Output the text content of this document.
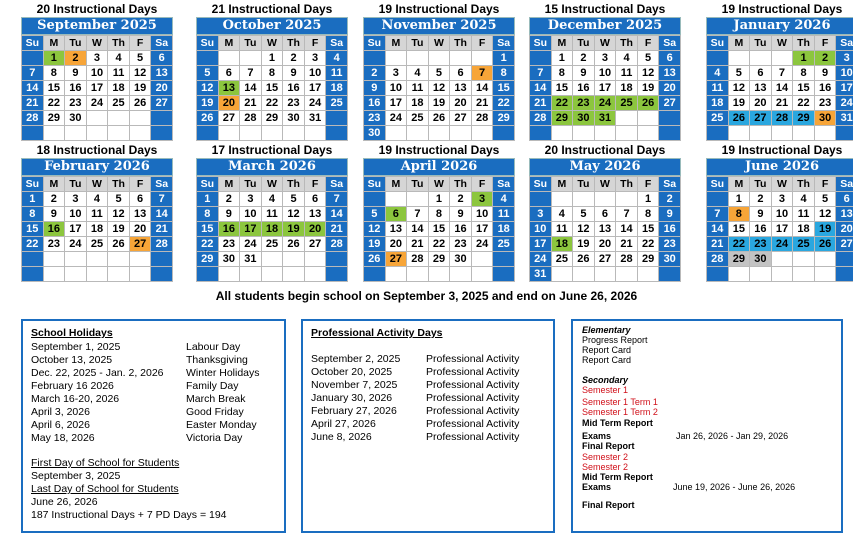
20 Instructional Days
September 2025
Su	M	Tu	W	Th	F	Sa
	1	2	3	4	5	6
7	8	9	10	11	12	13
14	15	16	17	18	19	20
21	22	23	24	25	26	27
28	29	30				

21 Instructional Days
October 2025
Su	M	Tu	W	Th	F	Sa
			1	2	3	4
5	6	7	8	9	10	11
12	13	14	15	16	17	18
19	20	21	22	23	24	25
26	27	28	29	30	31	

19 Instructional Days
November 2025
Su	M	Tu	W	Th	F	Sa
						1
2	3	4	5	6	7	8
9	10	11	12	13	14	15
16	17	18	19	20	21	22
23	24	25	26	27	28	29
30						
15 Instructional Days
December 2025
Su	M	Tu	W	Th	F	Sa
	1	2	3	4	5	6
7	8	9	10	11	12	13
14	15	16	17	18	19	20
21	22	23	24	25	26	27
28	29	30	31			

19 Instructional Days
January 2026
Su	M	Tu	W	Th	F	Sa
				1	2	3
4	5	6	7	8	9	10
11	12	13	14	15	16	17
18	19	20	21	22	23	24
25	26	27	28	29	30	31

18 Instructional Days
February 2026
Su	M	Tu	W	Th	F	Sa
1	2	3	4	5	6	7
8	9	10	11	12	13	14
15	16	17	18	19	20	21
22	23	24	25	26	27	28

17 Instructional Days
March 2026
Su	M	Tu	W	Th	F	Sa
1	2	3	4	5	6	7
8	9	10	11	12	13	14
15	16	17	18	19	20	21
22	23	24	25	26	27	28
29	30	31				

19 Instructional Days
April 2026
Su	M	Tu	W	Th	F	Sa
			1	2	3	4
5	6	7	8	9	10	11
12	13	14	15	16	17	18
19	20	21	22	23	24	25
26	27	28	29	30		

20 Instructional Days
May 2026
Su	M	Tu	W	Th	F	Sa
					1	2
3	4	5	6	7	8	9
10	11	12	13	14	15	16
17	18	19	20	21	22	23
24	25	26	27	28	29	30
31						
19 Instructional Days
June 2026
Su	M	Tu	W	Th	F	Sa
	1	2	3	4	5	6
7	8	9	10	11	12	13
14	15	16	17	18	19	20
21	22	23	24	25	26	27
28	29	30				

All students begin school on September 3, 2025 and end on June 26, 2026
School Holidays
First Day of School for Students
September 3, 2025
Last Day of School for Students
June 26, 2026
187 Instructional Days + 7 PD Days = 194
September 1, 2025	Labour Day
October 13, 2025	Thanksgiving
Dec. 22, 2025 - Jan. 2, 2026 Winter Holidays
February 16 2026	Family Day
March 16-20, 2026	March Break
April 3, 2026	Good Friday
April 6, 2026	Easter Monday
May 18, 2026	Victoria Day
Professional Activity Days
September 2, 2025 Professional Activity
October 20, 2025	Professional Activity
November 7, 2025	Professional Activity
January 30, 2026	Professional Activity
February 27, 2026	Professional Activity
April 27, 2026	Professional Activity
June 8, 2026	Professional Activity
Elementary
Progress Report
Report Card
Report Card
Secondary
Semester 1
Semester 1 Term 1
Semester 1 Term 2
Mid Term Report
Exams	Jan 26, 2026 - Jan 29, 2026
Final Report
Semester 2
Semester 2
Mid Term Report
Exams	June 19, 2026 - June 26, 2026
Final Report
